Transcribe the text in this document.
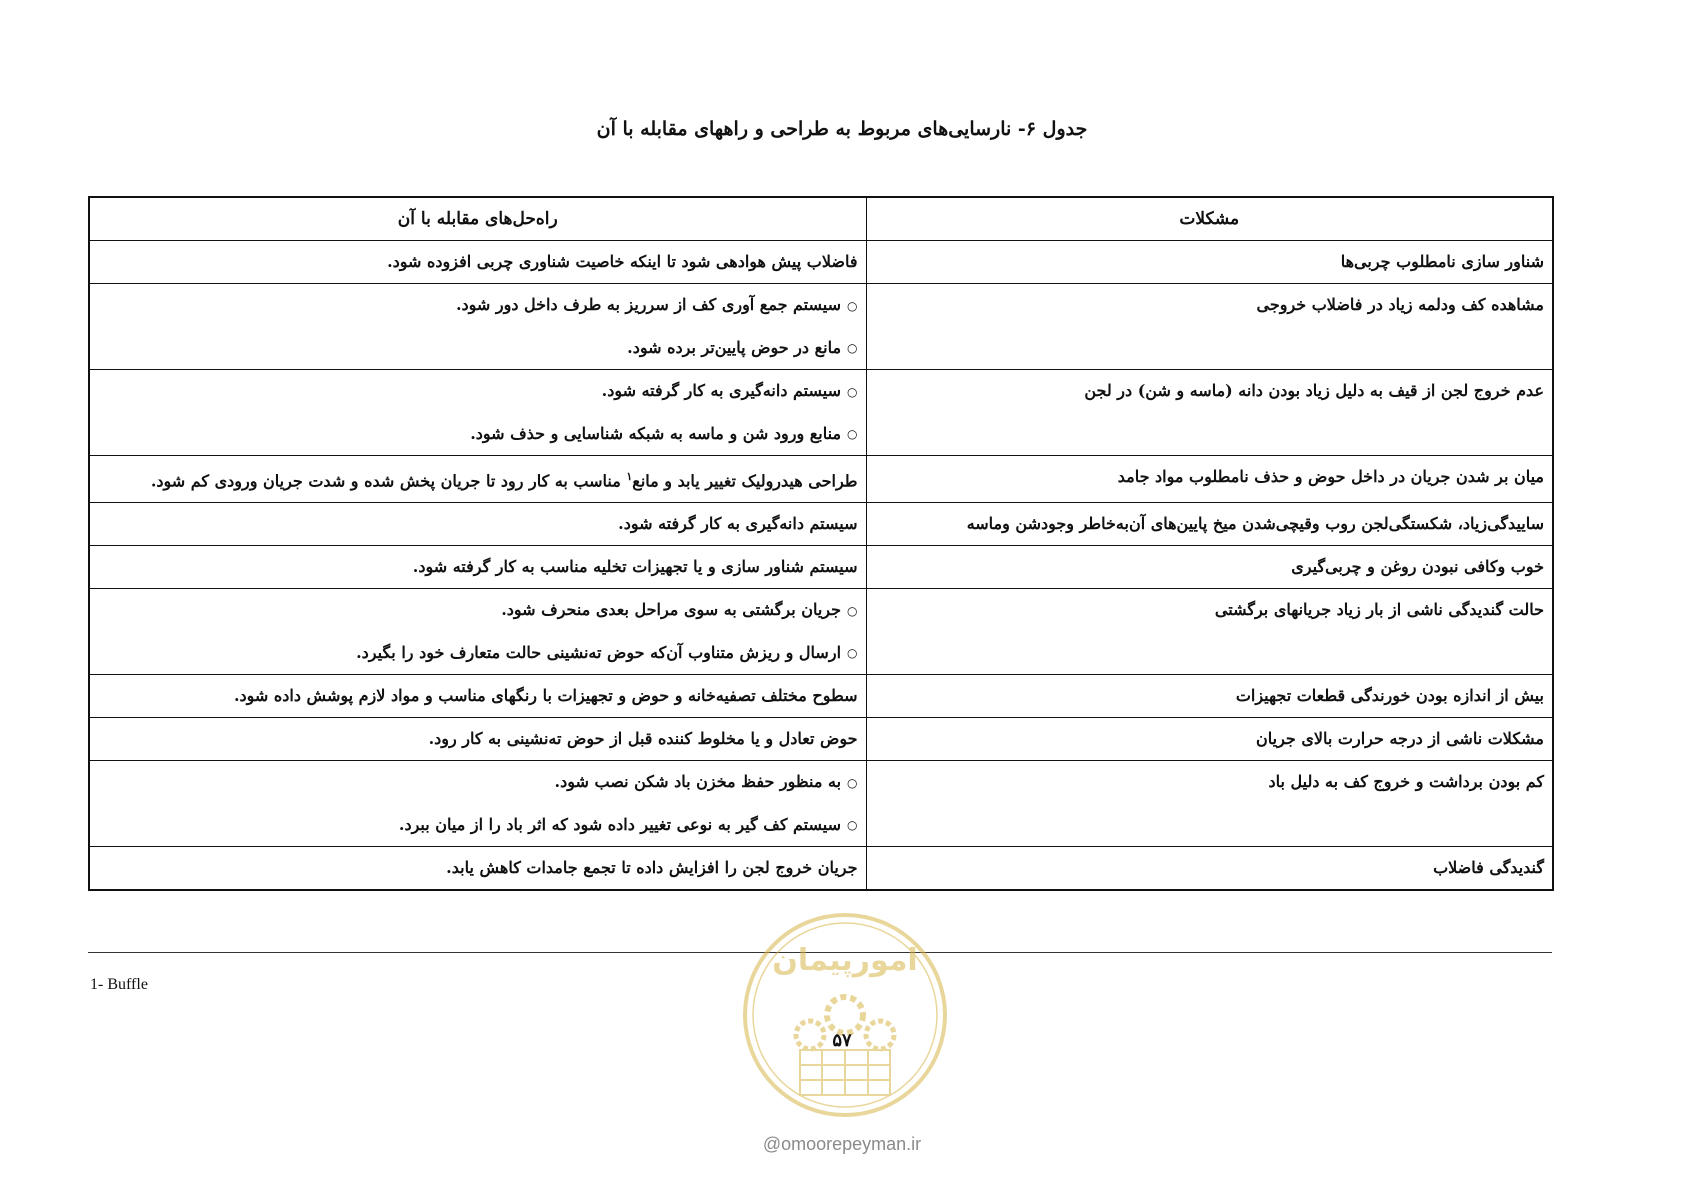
جدول ۶- نارسایی‌های مربوط به طراحی و راههای مقابله با آن
مشکلات	راه‌حل‌های مقابله با آن
شناور سازی نامطلوب چربی‌ها	فاضلاب پیش هوادهی شود تا اینکه خاصیت شناوری چربی افزوده شود.

مشاهده کف ودلمه زیاد در فاضلاب خروجی	○سیستم جمع آوری کف از سرریز به طرف داخل دور شود.
○مانع در حوض پایین‌تر برده شود.

عدم خروج لجن از قیف به دلیل زیاد بودن دانه (ماسه و شن) در لجن	○سیستم دانه‌گیری به کار گرفته شود.
○منابع ورود شن و ماسه به شبکه شناسایی و حذف شود.

میان بر شدن جریان در داخل حوض و حذف نامطلوب مواد جامد	طراحی هیدرولیک تغییر یابد و مانع$^۱$ مناسب به کار رود تا جریان پخش شده و شدت جریان ورودی کم شود.

ساییدگی‌زیاد، شکستگی‌لجن روب وقیچی‌شدن میخ پایین‌های آن‌به‌خاطر وجودشن وماسه	سیستم دانه‌گیری به کار گرفته شود.

خوب وکافی نبودن روغن و چربی‌گیری	سیستم شناور سازی و یا تجهیزات تخلیه مناسب به کار گرفته شود.

حالت گندیدگی ناشی از بار زیاد جریانهای برگشتی	○جریان برگشتی به سوی مراحل بعدی منحرف شود.
○ارسال و ریزش متناوب آن‌که حوض تەنشینی حالت متعارف خود را بگیرد.

بیش از اندازه بودن خورندگی قطعات تجهیزات	سطوح مختلف تصفیه‌خانه و حوض و تجهیزات با رنگهای مناسب و مواد لازم پوشش داده شود.

مشکلات ناشی از درجه حرارت بالای جریان	حوض تعادل و یا مخلوط کننده قبل از حوض تەنشینی به کار رود.

کم بودن برداشت و خروج کف به دلیل باد	○به منظور حفظ مخزن باد شکن نصب شود.
○سیستم کف گیر به نوعی تغییر داده شود که اثر باد را از میان ببرد.

گندیدگی فاضلاب	جریان خروج لجن را افزایش داده تا تجمع جامدات کاهش یابد.
1- Buffle
امورپیمان
۵۷
@omoorepeyman.ir
